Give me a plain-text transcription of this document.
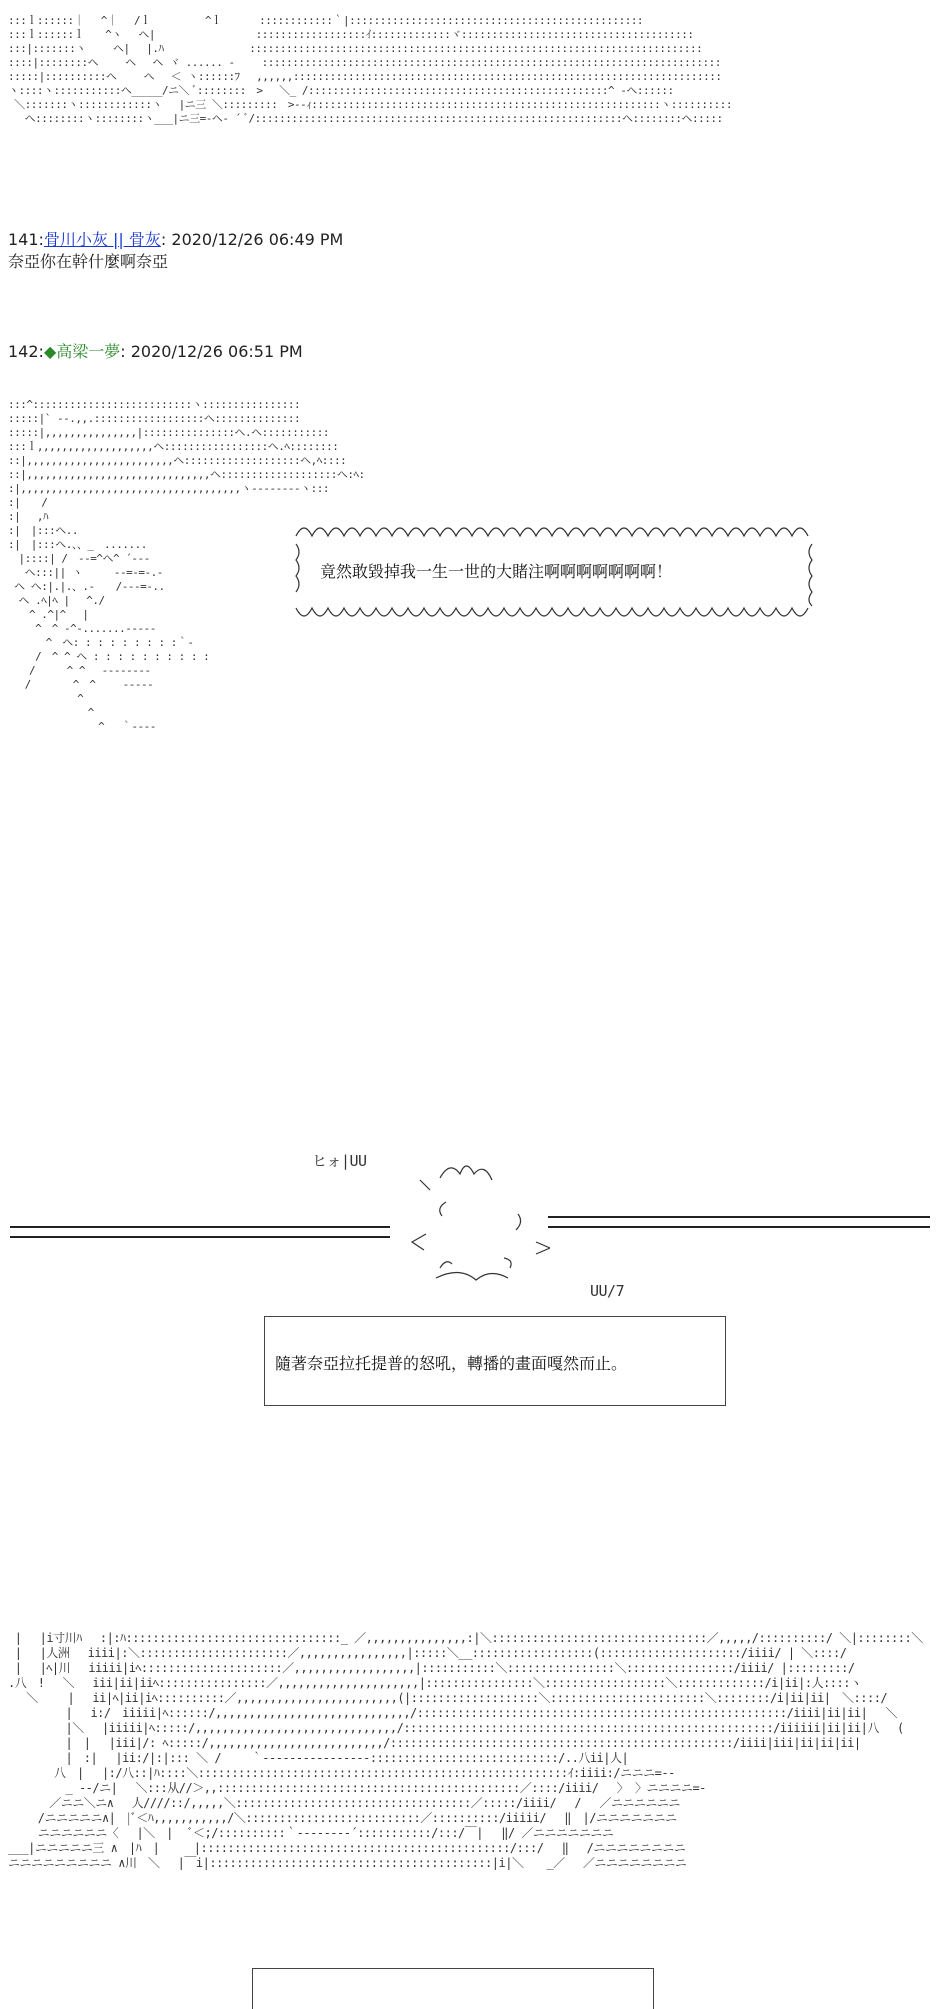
:::ｌ::::::｜　 ^｜　 /ｌ　　　 　 ^ｌ　　　 ::::::::::::｀|::::::::::::::::::::::::::::::::::::::::::::::::
:::ｌ::::::ｌ　　^ヽ　 ヘ|　　　　　　　　　 ::::::::::::::::::ｲ:::::::::::::ヾ::::::::::::::::::::::::::::::::::::::
:::|:::::::ヽ　　 ヘ|　 |.ﾊ　　　　　　 　 ::::::::::::::::::::::::::::::::::::::::::::::::::::::::::::::::::::::::::
::::|::::::::ヘ　　 ヘ　 ヘ ヾ ...... -　　 :::::::::::::::::::::::::::::::::::::::::::::::::::::::::::::::::::::::::::
:::::|::::::::::ヘ　　 ヘ　 ＜ ヽ::::::ﾌ 　,,,,,,::::::::::::::::::::::::::::::::::::::::::::::::::::::::::::::::::::::
ヽ::::ヽ:::::::::::ヘ_____/ニ＼ ﾞ::::::::　>　 ＼_ /:::::::::::::::::::::::::::::::::::::::::::::::::^ ‐ヘ::::::
＼:::::::ヽ::::::::::::ヽ　 |ニ三 ＼:::::::::　>-‐ｨ:::::::::::::::::::::::::::::::::::::::::::::::::::::::::ヽ::::::::::
　 ヘ::::::::ヽ::::::::ヽ___|ニ三=‐ヘ‐ ´ ﾞ/::::::::::::::::::::::::::::::::::::::::::::::::::::::::::::ヘ::::::::ヘ:::::

141:骨川小灰 || 骨灰: 2020/12/26 06:49 PM
奈亞你在幹什麼啊奈亞
142:◆高梁一夢: 2020/12/26 06:51 PM

:::^::::::::::::::::::::::::::ヽ::::::::::::::::
:::::|` ‐‐.,,.::::::::::::::::::ヘ::::::::::::::
:::::|,,,,,,,,,,,,,,,|:::::::::::::::ヘ.ヘ:::::::::::
:::ｌ,,,,,,,,,,,,,,,,,,,ヘ:::::::::::::::::ヘ.ﾍ::::::::
::|,,,,,,,,,,,,,,,,,,,,,,,,ヘ:::::::::::::::::::ヘ,ﾍ::::
::|,,,,,,,,,,,,,,,,,,,,,,,,,,,,,,ヘ:::::::::::::::::::ヘ:ﾍ:
:|,,,,,,,,,,,,,,,,,,,,,,,,,,,,,,,,,,,,ヽ--------ヽ:::
:|　　/
:|　 ,ﾊ
:|　|:::ヘ..
:|　|:::ヘ.、、_　.......
　|::::| /　‐‐=^ヘ^ ´‐‐‐
　 ヘ:::|| ヽ　　　‐‐=‐=‐.‐
ヘ ヘ:|.|.、.‐　　/‐‐‐=‐..
　ヘ .ﾍ|ﾍ | 　^./
　　^ .^|^　 |
　　 ^　^ ‐^‐.......‐‐‐‐‐
　　　 ^　ヘ: : : : : : : : :｀-
　　 /　^ ^ ヘ : : : : : : : : : :
　　/　　　^ ^　 ‐‐‐‐‐‐‐‐
　 /　　　　^　^　　 ‐‐‐‐‐
　　　　　　 ^
　　　　　　　 ^
　　　　　　　　 ^　 ｀‐‐‐‐

竟然敢毀掉我一生一世的大賭注啊啊啊啊啊啊啊！
ヒォ|UU
UU/7
隨著奈亞拉托提普的怒吼，轉播的畫面嘎然而止。

|　 |i寸川ﾊ　 :|:ﾊ::::::::::::::::::::::::::::::::_ ／,,,,,,,,,,,,,,,:|＼::::::::::::::::::::::::::::::::／,,,,,/::::::::::/ ＼|::::::::＼
|　 |人洲　 iiii|:＼::::::::::::::::::::::／,,,,,,,,,,,,,,,,|:::::＼__::::::::::::::::::(:::::::::::::::::::::/iiii/ | ＼::::/
|　 |ﾍ|川　 iiiii|iﾍ:::::::::::::::::::::／,,,,,,,,,,,,,,,,,,|:::::::::::＼::::::::::::::::＼::::::::::::::::/iiii/ |:::::::::/
.八　!　 ＼　 iii|ii|iiﾍ::::::::::::::::／,,,,,,,,,,,,,,,,,,,,,|::::::::::::::::＼::::::::::::::::::＼:::::::::::::/i|ii|:人::::ヽ
　 ＼　　 |　 ii|ﾍ|ii|iﾍ::::::::::／,,,,,,,,,,,,,,,,,,,,,,,,(|:::::::::::::::::::＼:::::::::::::::::::::::＼::::::::/i|ii|ii|　＼::::/
　　　　　|　 i:/　iiiii|ﾍ::::::/,,,,,,,,,,,,,,,,,,,,,,,,,,,,,/:::::::::::::::::::::::::::::::::::::::::::::::::::::::/iiii|ii|ii|　 ＼
　　　　　|＼　 |iiiii|ﾍ:::::/,,,,,,,,,,,,,,,,,,,,,,,,,,,,,,/:::::::::::::::::::::::::::::::::::::::::::::::::::::::/iiiiii|ii|ii|八　 (
　　　　　|　|　 |iii|/: ﾍ:::::/,,,,,,,,,,,,,,,,,,,,,,,,,,/:::::::::::::::::::::::::::::::::::::::::::::::::::/iiii|iii|ii|ii|ii|
　　　　　|　:|　 |ii:/|:|::: ＼ /　　 ｀‐‐‐‐‐‐‐‐‐‐‐‐‐‐‐‐::::::::::::::::::::::::::::/..八ii|人|
　　　　八　|　 |:/八::|ﾊ::::＼:::::::::::::::::::::::::::::::::::::::::::::::::::::::ｲ:iiii:/ニニニ=‐‐
　　　　　_ ‐‐/ニ|　 ＼:::从//＞,,:::::::::::::::::::::::::::::::::::::::::::::／::::/iiii/　 〉 〉ニニニニ=‐
　　　 ／ニニ＼ニ∧　 人////::/,,,,,＼:::::::::::::::::::::::::::::::::::／:::::/iiii/　 /　 ／ニニニニニニ
　　 /ニニニニニ∧|　|ﾞ＜ﾊ,,,,,,,,,,,/＼::::::::::::::::::::::::::／::::::::::/iiiii/　 ‖　|/ニニニニニニニ
　　 ニニニニニニ〈　 |＼　|　 ﾞ＜;/::::::::::｀‐‐‐‐‐‐‐‐´:::::::::::/:::/￣|　 ‖/ ／ニニニニニニニ
___|ニニニニニ三 ∧　|ﾊ　|　　　|::::::::::::::::::::::::::::::::::::::::::::::/:::/　 ‖　 /ニニニニニニニニ
ニニニニニニニニニ ∧川　＼　 |￣i|::::::::::::::::::::::::::::::::::::::::::|i|＼　　_／　 ／ニニニニニニニニ
